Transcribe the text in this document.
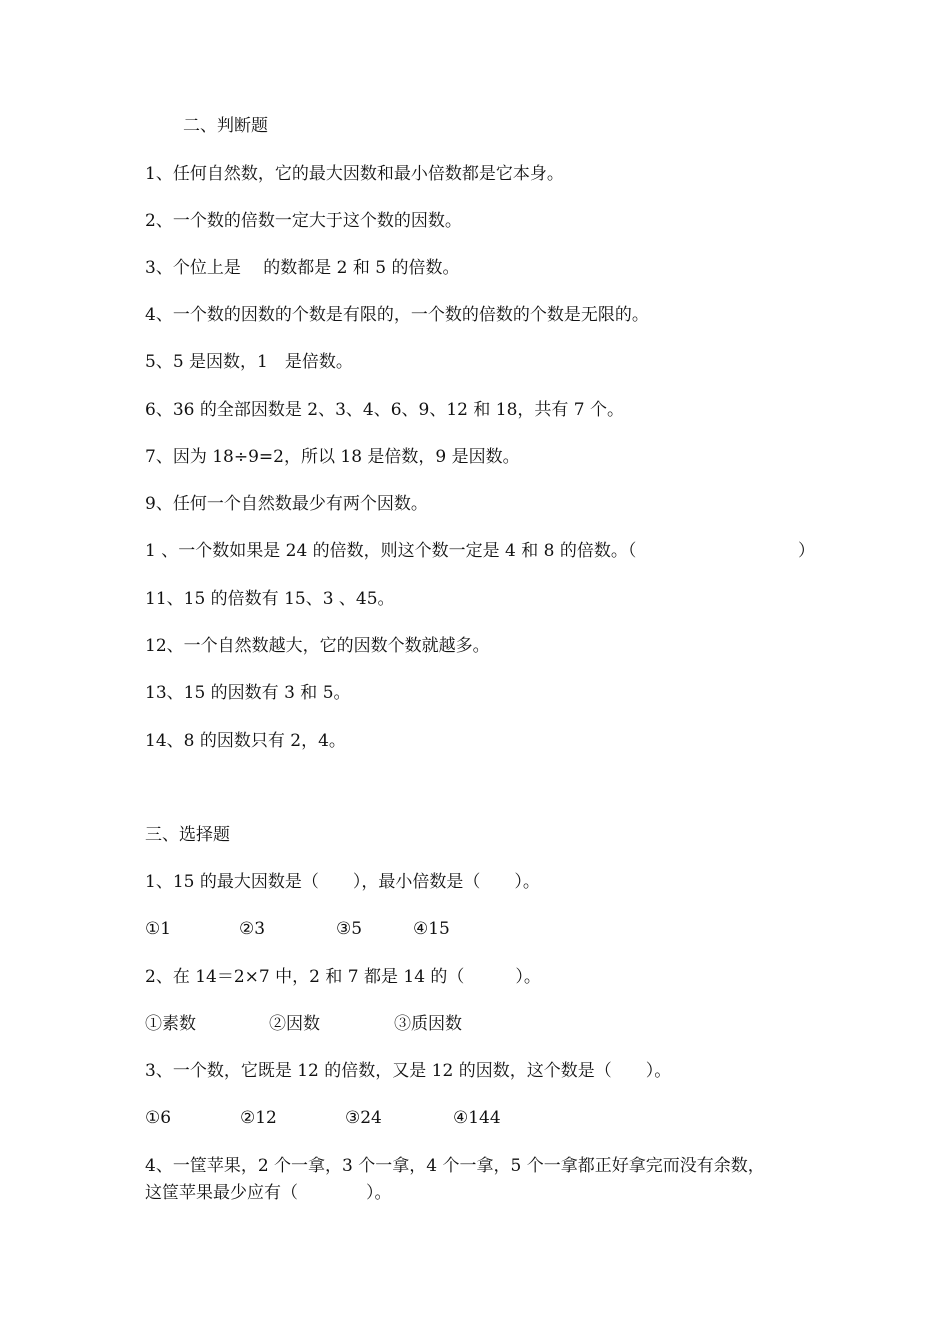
二、判断题
1、任何自然数，它的最大因数和最小倍数都是它本身。
2、一个数的倍数一定大于这个数的因数。
3、个位上是　 的数都是 2 和 5 的倍数。
4、一个数的因数的个数是有限的，一个数的倍数的个数是无限的。
5、5 是因数，1　是倍数。
6、36 的全部因数是 2、3、4、6、9、12 和 18，共有 7 个。
7、因为 18÷9=2，所以 18 是倍数，9 是因数。
9、任何一个自然数最少有两个因数。
1 、一个数如果是 24 的倍数，则这个数一定是 4 和 8 的倍数。（	）
11、15 的倍数有 15、3 、45。
12、一个自然数越大，它的因数个数就越多。
13、15 的因数有 3 和 5。
14、8 的因数只有 2，4。
三、选择题
1、15 的最大因数是（　　），最小倍数是（　　）。
①1	②3	③5	④15
2、在 14＝2×7 中，2 和 7 都是 14 的（　　　）。
①素数	②因数	③质因数
3、一个数，它既是 12 的倍数，又是 12 的因数，这个数是（　　）。
①6	②12	③24	④144
4、一筐苹果，2 个一拿，3 个一拿，4 个一拿，5 个一拿都正好拿完而没有余数，
这筐苹果最少应有（　　　　）。
